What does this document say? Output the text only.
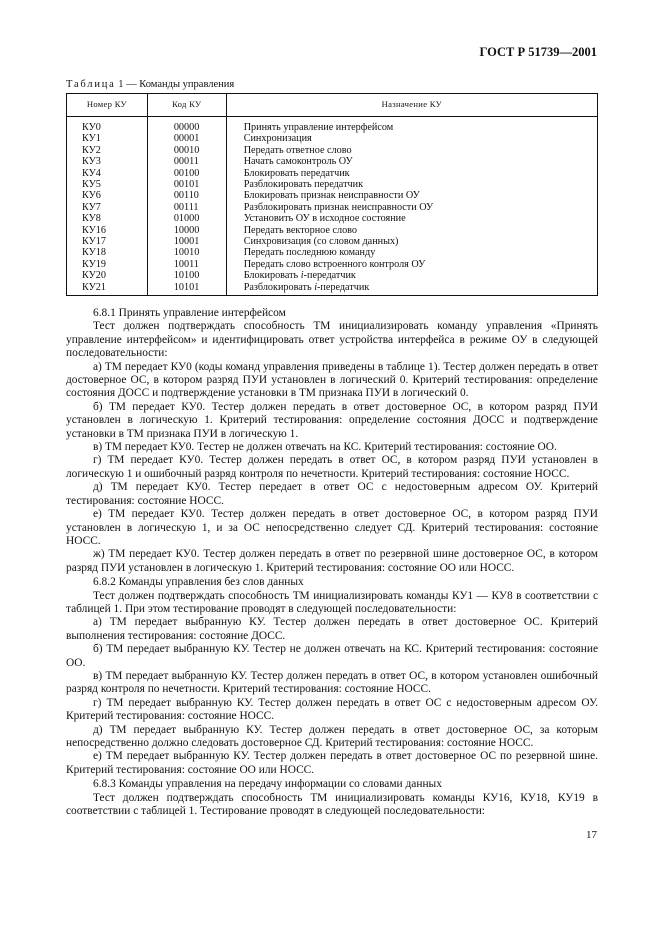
ГОСТ Р 51739—2001
Таблица 1 — Команды управления
Номер КУ	Код КУ	Назначение КУ
КУ0	00000	Принять управление интерфейсом
КУ1	00001	Синхронизация
КУ2	00010	Передать ответное слово
КУ3	00011	Начать самоконтроль ОУ
КУ4	00100	Блокировать передатчик
КУ5	00101	Разблокировать передатчик
КУ6	00110	Блокировать признак неисправности ОУ
КУ7	00111	Разблокировать признак неисправности ОУ
КУ8	01000	Установить ОУ в исходное состояние
КУ16	10000	Передать векторное слово
КУ17	10001	Синхровизация (со словом данных)
КУ18	10010	Передать последнюю команду
КУ19	10011	Передать слово встроенного контроля ОУ
КУ20	10100	Блокировать i-передатчик
КУ21	10101	Разблокировать i-передатчик

6.8.1 Принять управление интерфейсом

Тест должен подтверждать способность ТМ инициализировать команду управления «Принять управление интерфейсом» и идентифицировать ответ устройства интерфейса в режиме ОУ в следующей последовательности:

а) ТМ передает КУ0 (коды команд управления приведены в таблице 1). Тестер должен передать в ответ достоверное ОС, в котором разряд ПУИ установлен в логический 0. Критерий тестирования: определение состояния ДОСС и подтверждение установки в ТМ признака ПУИ в логический 0.

б) ТМ передает КУ0. Тестер должен передать в ответ достоверное ОС, в котором разряд ПУИ установлен в логическую 1. Критерий тестирования: определение состояния ДОСС и подтверждение установки в ТМ признака ПУИ в логическую 1.

в) ТМ передает КУ0. Тестер не должен отвечать на КС. Критерий тестирования: состояние ОО.

г) ТМ передает КУ0. Тестер должен передать в ответ ОС, в котором разряд ПУИ установлен в логическую 1 и ошибочный разряд контроля по нечетности. Критерий тестирования: состояние НОСС.

д) ТМ передает КУ0. Тестер передает в ответ ОС с недостоверным адресом ОУ. Критерий тестирования: состояние НОСС.

е) ТМ передает КУ0. Тестер должен передать в ответ достоверное ОС, в котором разряд ПУИ установлен в логическую 1, и за ОС непосредственно следует СД. Критерий тестирования: состояние НОСС.

ж) ТМ передает КУ0. Тестер должен передать в ответ по резервной шине достоверное ОС, в котором разряд ПУИ установлен в логическую 1. Критерий тестирования: состояние ОО или НОСС.

6.8.2 Команды управления без слов данных

Тест должен подтверждать способность ТМ инициализировать команды КУ1 — КУ8 в соответствии с таблицей 1. При этом тестирование проводят в следующей последовательности:

а) ТМ передает выбранную КУ. Тестер должен передать в ответ достоверное ОС. Критерий выполнения тестирования: состояние ДОСС.

б) ТМ передает выбранную КУ. Тестер не должен отвечать на КС. Критерий тестирования: состояние ОО.

в) ТМ передает выбранную КУ. Тестер должен передать в ответ ОС, в котором установлен ошибочный разряд контроля по нечетности. Критерий тестирования: состояние НОСС.

г) ТМ передает выбранную КУ. Тестер должен передать в ответ ОС с недостоверным адресом ОУ. Критерий тестирования: состояние НОСС.

д) ТМ передает выбранную КУ. Тестер должен передать в ответ достоверное ОС, за которым непосредственно должно следовать достоверное СД. Критерий тестирования: состояние НОСС.

е) ТМ передает выбранную КУ. Тестер должен передать в ответ достоверное ОС по резервной шине. Критерий тестирования: состояние ОО или НОСС.

6.8.3 Команды управления на передачу информации со словами данных

Тест должен подтверждать способность ТМ инициализировать команды КУ16, КУ18, КУ19 в соответствии с таблицей 1. Тестирование проводят в следующей последовательности:

17
